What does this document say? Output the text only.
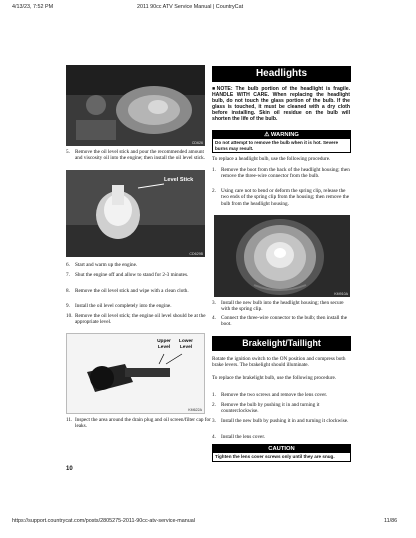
4/13/23, 7:52 PM	2011 90cc ATV Service Manual | CountryCat
CD626
5. Remove the oil level stick and pour the recommended amount and viscosity oil into the engine; then install the oil level stick.
Level Stick
CD629B
6. Start and warm up the engine.
7. Shut the engine off and allow to stand for 2-3 minutes.
8. Remove the oil level stick and wipe with a clean cloth.
9. Install the oil level completely into the engine.
10. Remove the oil level stick; the engine oil level should be at the appropriate level.
Upper Level
Lower Level
KM622A
11. Inspect the area around the drain plug and oil screen/filter cap for leaks.
10
Headlights
■NOTE: The bulb portion of the headlight is fragile. HANDLE WITH CARE. When replacing the headlight bulb, do not touch the glass portion of the bulb. If the glass is touched, it must be cleaned with a dry cloth before installing. Skin oil residue on the bulb will shorten the life of the bulb.
⚠ WARNING
Do not attempt to remove the bulb when it is hot. Severe burns may result.
To replace a headlight bulb, use the following procedure.
1. Remove the boot from the back of the headlight housing; then remove the three-wire connector from the bulb.
2. Using care not to bend or deform the spring clip, release the two ends of the spring clip from the housing; then remove the bulb from the headlight housing.
KM910A
3. Install the new bulb into the headlight housing; then secure with the spring clip.
4. Connect the three-wire connector to the bulb; then install the boot.
Brakelight/Taillight
Rotate the ignition switch to the ON position and compress both brake levers. The brakelight should illuminate.
To replace the brakelight bulb, use the following procedure.
1. Remove the two screws and remove the lens cover.
2. Remove the bulb by pushing it in and turning it counterclockwise.
3. Install the new bulb by pushing it in and turning it clockwise.
4. Install the lens cover.
CAUTION
Tighten the lens cover screws only until they are snug.
https://support.countrycat.com/posts/2805275-2011-90cc-atv-service-manual	11/86
